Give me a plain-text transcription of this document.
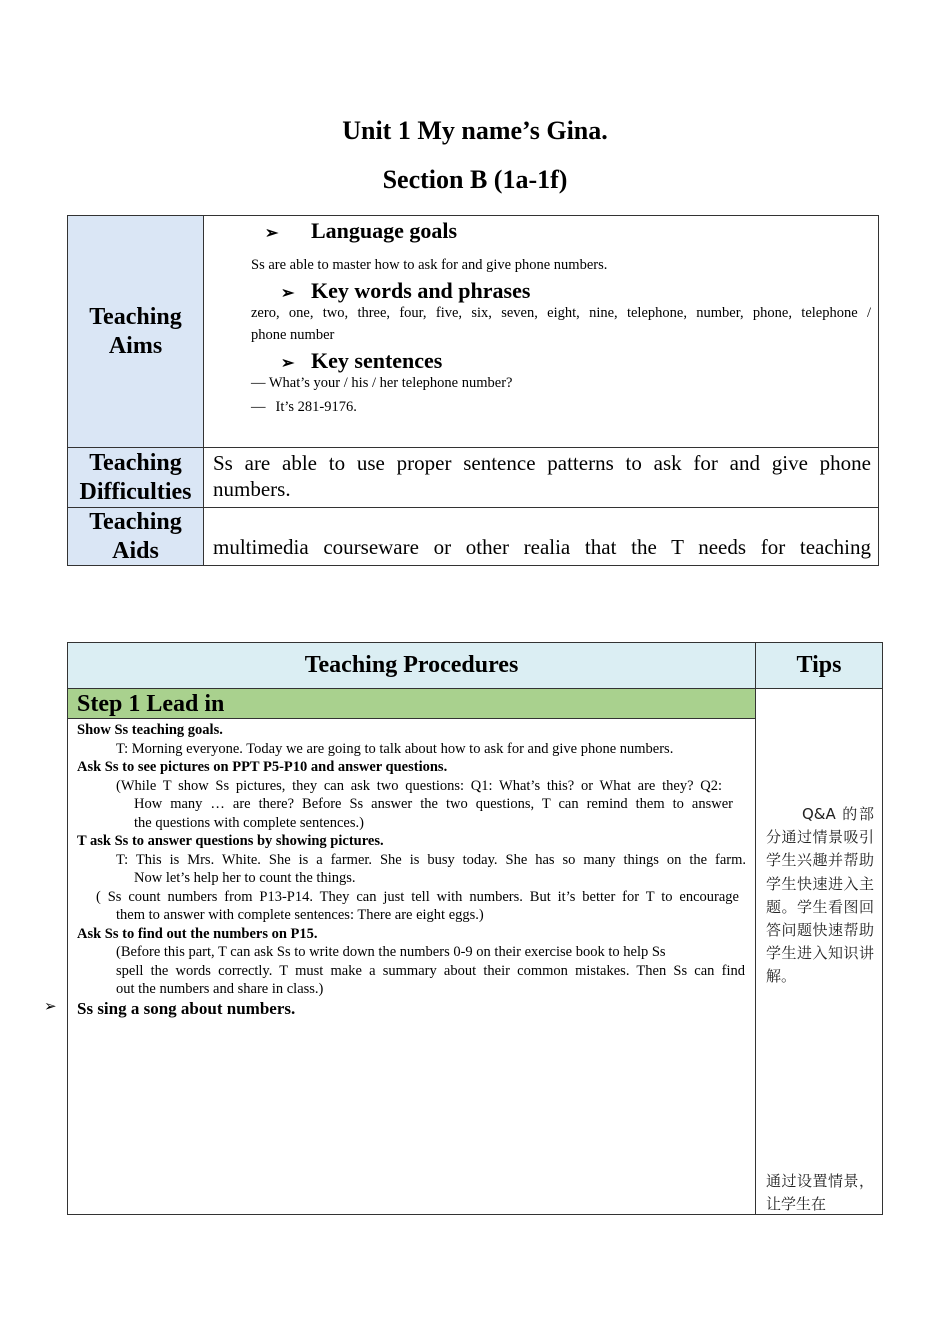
Unit 1 My name’s Gina.
Section B (1a-1f)
Teaching Aims
➢ Language goals
Ss are able to master how to ask for and give phone numbers.
➢ Key words and phrases
zero, one, two, three, four, five, six, seven, eight, nine, telephone, number, phone, telephone /
phone number
➢ Key sentences
— What’s your / his / her telephone number?
— It’s 281-9176.
Teaching Difficulties
Ss are able to use proper sentence patterns to ask for and give phone
numbers.
Teaching Aids	multimedia courseware or other realia that the T needs for teaching
Teaching Procedures	Tips
Step 1 Lead in
Show Ss teaching goals.
T: Morning everyone. Today we are going to talk about how to ask for and give phone numbers.
Ask Ss to see pictures on PPT P5-P10 and answer questions.
(While T show Ss pictures, they can ask two questions: Q1: What’s this? or What are they? Q2:
How many … are there? Before Ss answer the two questions, T can remind them to answer
the questions with complete sentences.)
T ask Ss to answer questions by showing pictures.
T: This is Mrs. White. She is a farmer. She is busy today. She has so many things on the farm.
Now let’s help her to count the things.
( Ss count numbers from P13-P14. They can just tell with numbers. But it’s better for T to encourage
them to answer with complete sentences: There are eight eggs.)
Ask Ss to find out the numbers on P15.
(Before this part, T can ask Ss to write down the numbers 0-9 on their exercise book to help Ss
spell the words correctly. T must make a summary about their common mistakes. Then Ss can find
out the numbers and share in class.)
Ss sing a song about numbers.
Q&A 的部分通过情景吸引学生兴趣并帮助学生快速进入主题。学生看图回答问题快速帮助学生进入知识讲解。
通过设置情景，让学生在
➢
